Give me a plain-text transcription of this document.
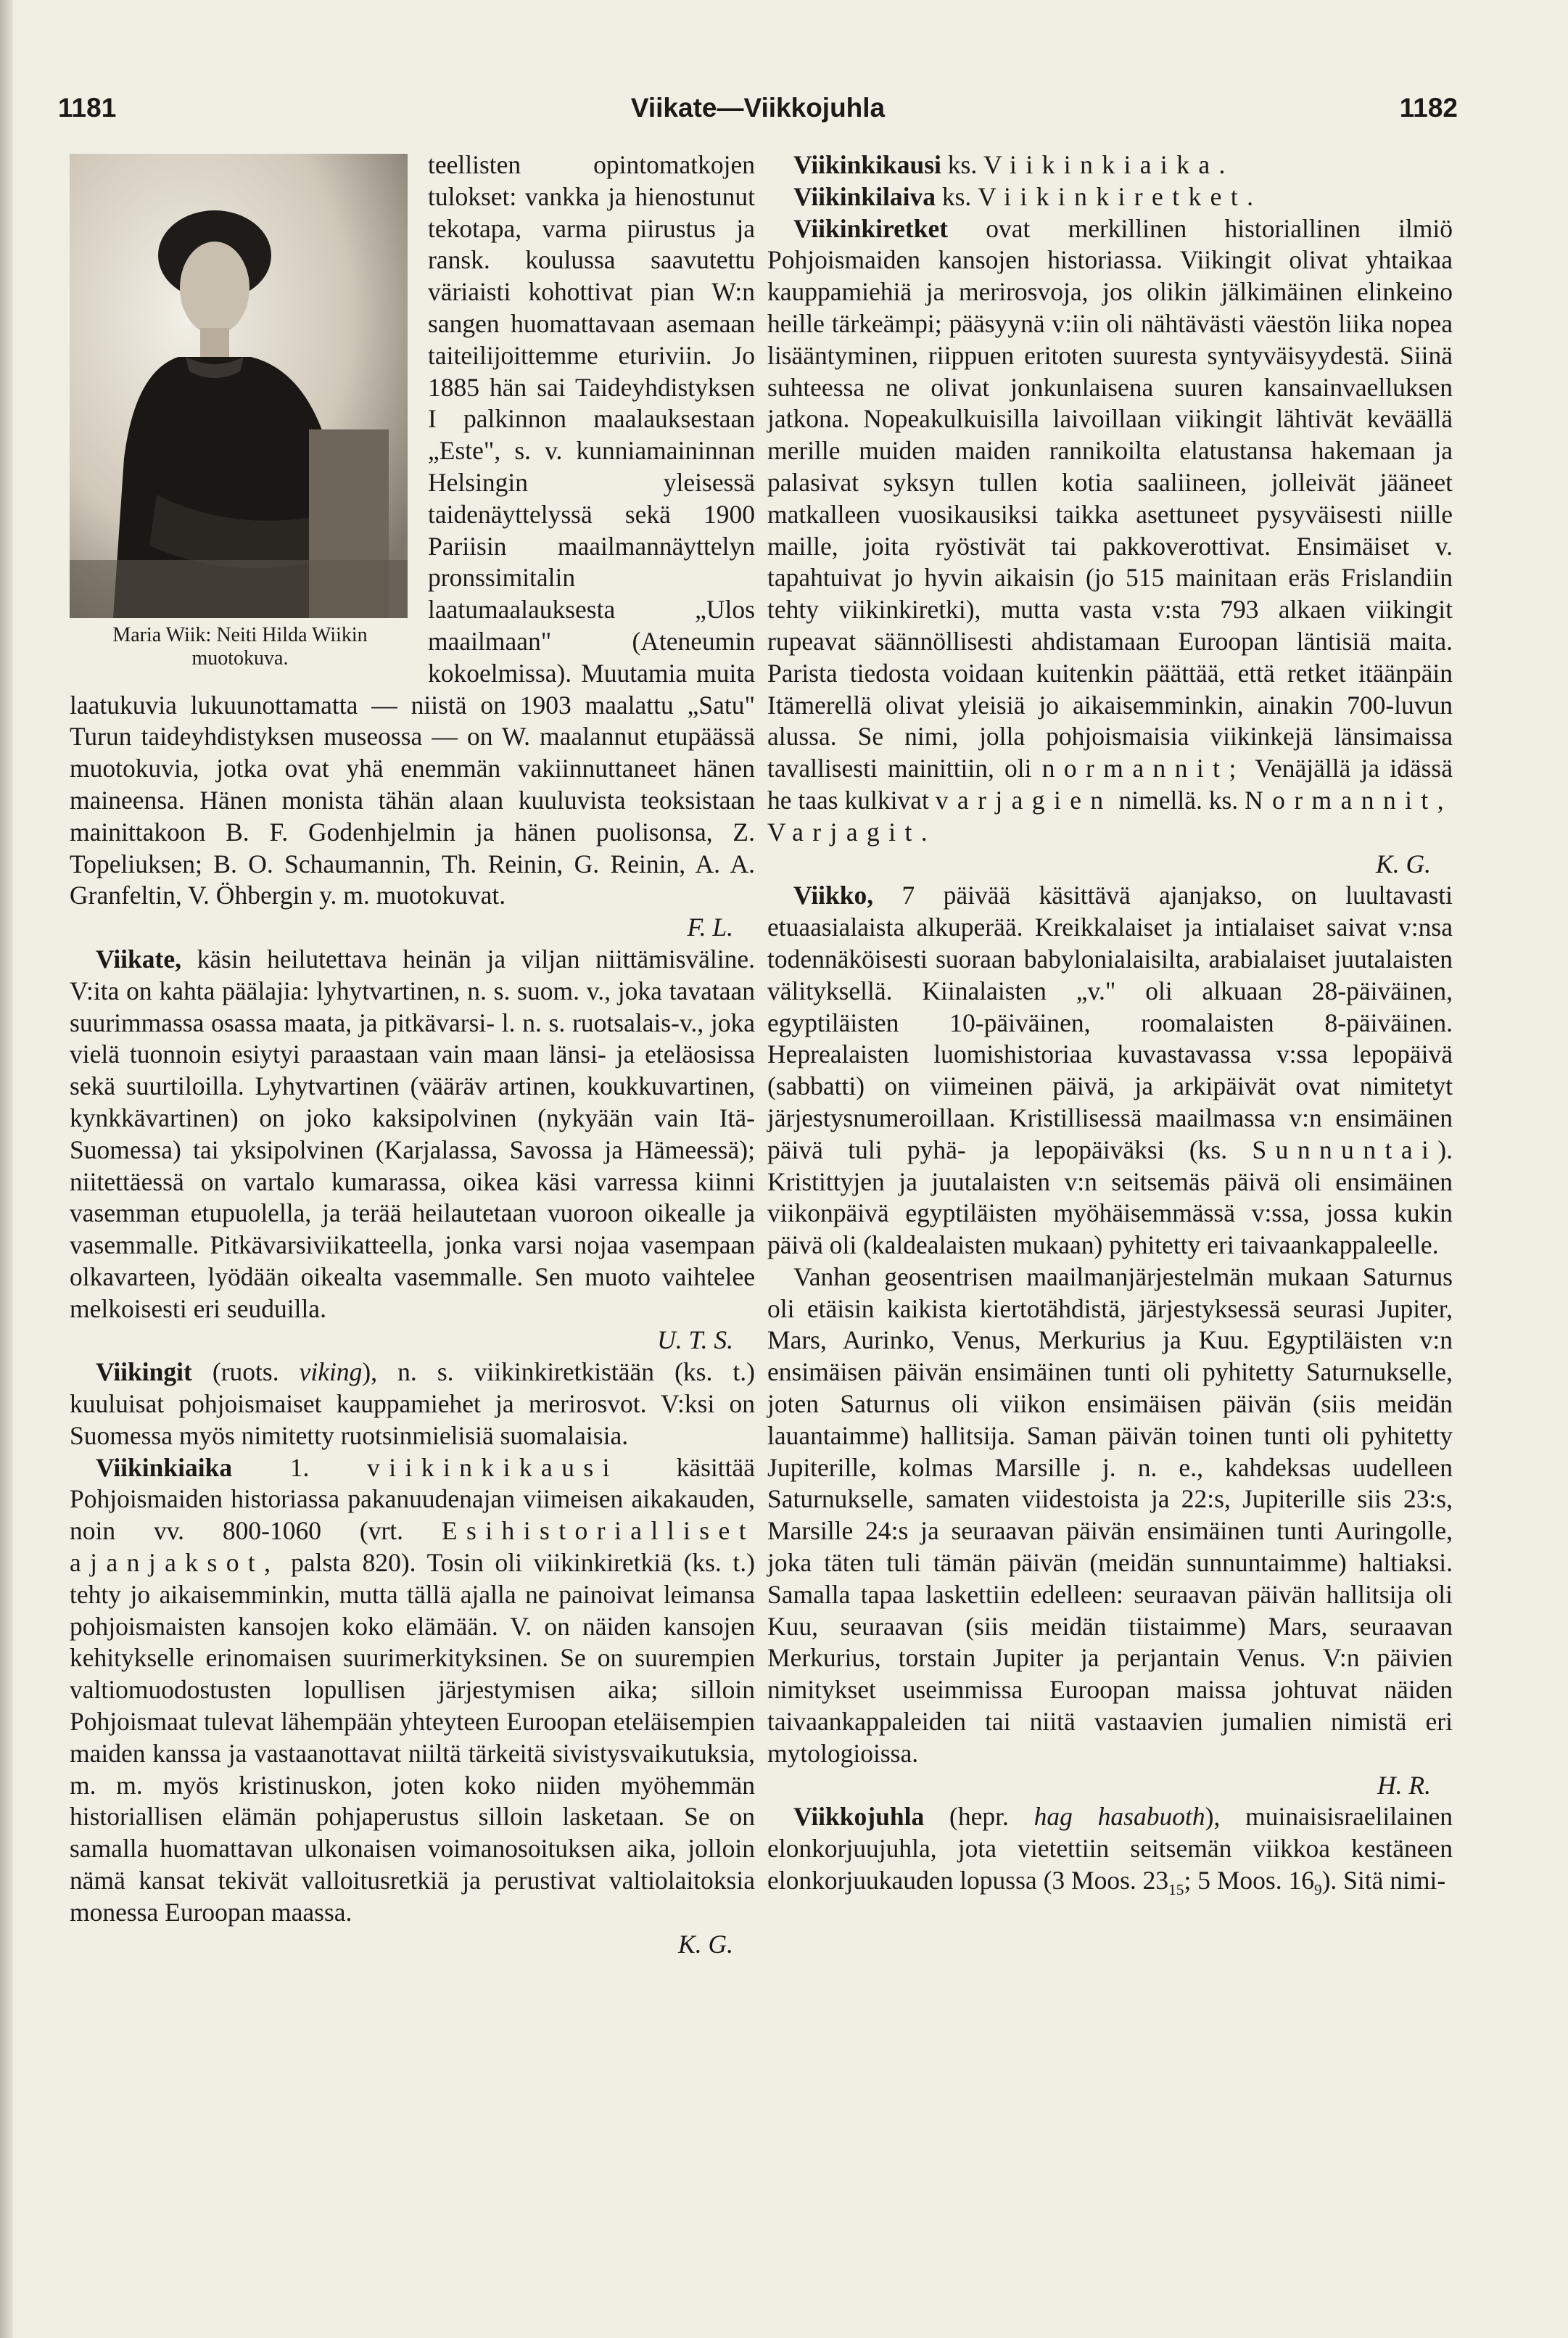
1181	Viikate—Viikkojuhla	1182
Maria Wiik: Neiti Hilda Wiikin muotokuva.

teellisten opintomatkojen tulokset: vankka ja hienostunut tekotapa, varma piirustus ja ransk. koulussa saavutettu väriaisti kohottivat pian W:n sangen huomattavaan asemaan taiteilijoittemme eturiviin. Jo 1885 hän sai Taideyhdistyksen I palkinnon maalauksestaan „Este", s. v. kunniamaininnan Helsingin yleisessä taidenäyttelyssä sekä 1900 Pariisin maailmannäyttelyn pronssimitalin laatumaalauksesta „Ulos maailmaan" (Ateneumin kokoelmissa). Muutamia muita laatukuvia lukuunottamatta — niistä on 1903 maalattu „Satu" Turun taideyhdistyksen museossa — on W. maalannut etupäässä muotokuvia, jotka ovat yhä enemmän vakiinnuttaneet hänen maineensa. Hänen monista tähän alaan kuuluvista teoksistaan mainittakoon B. F. Godenhjelmin ja hänen puolisonsa, Z. Topeliuksen; B. O. Schaumannin, Th. Reinin, G. Reinin, A. A. Granfeltin, V. Öhbergin y. m. muotokuvat.

F. L.

Viikate, käsin heilutettava heinän ja viljan niittämisväline. V:ita on kahta päälajia: lyhytvartinen, n. s. suom. v., joka tavataan suurimmassa osassa maata, ja pitkävarsi- l. n. s. ruotsalais-v., joka vielä tuonnoin esiytyi paraastaan vain maan länsi- ja eteläosissa sekä suurtiloilla. Lyhytvartinen (vääräv artinen, koukkuvartinen, kynkkävartinen) on joko kaksipolvinen (nykyään vain Itä-Suomessa) tai yksipolvinen (Karjalassa, Savossa ja Hämeessä); niitettäessä on vartalo kumarassa, oikea käsi varressa kiinni vasemman etupuolella, ja terää heilautetaan vuoroon oikealle ja vasemmalle. Pitkävarsiviikatteella, jonka varsi nojaa vasempaan olkavarteen, lyödään oikealta vasemmalle. Sen muoto vaihtelee melkoisesti eri seuduilla.

U. T. S.

Viikingit (ruots. viking), n. s. viikinkiretkistään (ks. t.) kuuluisat pohjoismaiset kauppamiehet ja merirosvot. V:ksi on Suomessa myös nimitetty ruotsinmielisiä suomalaisia.

Viikinkiaika 1. viikinkikausi käsittää Pohjoismaiden historiassa pakanuudenajan viimeisen aikakauden, noin vv. 800-1060 (vrt. Esihistorialliset ajanjaksot, palsta 820). Tosin oli viikinkiretkiä (ks. t.) tehty jo aikaisemminkin, mutta tällä ajalla ne painoivat leimansa pohjoismaisten kansojen koko elämään. V. on näiden kansojen kehitykselle erinomaisen suurimerkityksinen. Se on suurempien valtiomuodostusten lopullisen järjestymisen aika; silloin Pohjoismaat tulevat lähempään yhteyteen Euroopan eteläisempien maiden kanssa ja vastaanottavat niiltä tärkeitä sivistysvaikutuksia, m. m. myös kristinuskon, joten koko niiden myöhemmän historiallisen elämän pohjaperustus silloin lasketaan. Se on samalla huomattavan ulkonaisen voimanosoituksen aika, jolloin nämä kansat tekivät valloitusretkiä ja perustivat valtiolaitoksia monessa Euroopan maassa.

K. G.

Viikinkikausi ks. Viikinkiaika.

Viikinkilaiva ks. Viikinkiretket.

Viikinkiretket ovat merkillinen historiallinen ilmiö Pohjoismaiden kansojen historiassa. Viikingit olivat yhtaikaa kauppamiehiä ja merirosvoja, jos olikin jälkimäinen elinkeino heille tärkeämpi; pääsyynä v:iin oli nähtävästi väestön liika nopea lisääntyminen, riippuen eritoten suuresta syntyväisyydestä. Siinä suhteessa ne olivat jonkunlaisena suuren kansainvaelluksen jatkona. Nopeakulkuisilla laivoillaan viikingit lähtivät keväällä merille muiden maiden rannikoilta elatustansa hakemaan ja palasivat syksyn tullen kotia saaliineen, jolleivät jääneet matkalleen vuosikausiksi taikka asettuneet pysyväisesti niille maille, joita ryöstivät tai pakkoverottivat. Ensimäiset v. tapahtuivat jo hyvin aikaisin (jo 515 mainitaan eräs Frislandiin tehty viikinkiretki), mutta vasta v:sta 793 alkaen viikingit rupeavat säännöllisesti ahdistamaan Euroopan läntisiä maita. Parista tiedosta voidaan kuitenkin päättää, että retket itäänpäin Itämerellä olivat yleisiä jo aikaisemminkin, ainakin 700-luvun alussa. Se nimi, jolla pohjoismaisia viikinkejä länsimaissa tavallisesti mainittiin, oli normannit; Venäjällä ja idässä he taas kulkivat varjagien nimellä. ks. Normannit, Varjagit.

K. G.

Viikko, 7 päivää käsittävä ajanjakso, on luultavasti etuaasialaista alkuperää. Kreikkalaiset ja intialaiset saivat v:nsa todennäköisesti suoraan babylonialaisilta, arabialaiset juutalaisten välityksellä. Kiinalaisten „v." oli alkuaan 28-päiväinen, egyptiläisten 10-päiväinen, roomalaisten 8-päiväinen. Heprealaisten luomishistoriaa kuvastavassa v:ssa lepopäivä (sabbatti) on viimeinen päivä, ja arkipäivät ovat nimitetyt järjestysnumeroillaan. Kristillisessä maailmassa v:n ensimäinen päivä tuli pyhä- ja lepopäiväksi (ks. Sunnuntai). Kristittyjen ja juutalaisten v:n seitsemäs päivä oli ensimäinen viikonpäivä egyptiläisten myöhäisemmässä v:ssa, jossa kukin päivä oli (kaldealaisten mukaan) pyhitetty eri taivaankappaleelle.

Vanhan geosentrisen maailmanjärjestelmän mukaan Saturnus oli etäisin kaikista kiertotähdistä, järjestyksessä seurasi Jupiter, Mars, Aurinko, Venus, Merkurius ja Kuu. Egyptiläisten v:n ensimäisen päivän ensimäinen tunti oli pyhitetty Saturnukselle, joten Saturnus oli viikon ensimäisen päivän (siis meidän lauantaimme) hallitsija. Saman päivän toinen tunti oli pyhitetty Jupiterille, kolmas Marsille j. n. e., kahdeksas uudelleen Saturnukselle, samaten viidestoista ja 22:s, Jupiterille siis 23:s, Marsille 24:s ja seuraavan päivän ensimäinen tunti Auringolle, joka täten tuli tämän päivän (meidän sunnuntaimme) haltiaksi. Samalla tapaa laskettiin edelleen: seuraavan päivän hallitsija oli Kuu, seuraavan (siis meidän tiistaimme) Mars, seuraavan Merkurius, torstain Jupiter ja perjantain Venus. V:n päivien nimitykset useimmissa Euroopan maissa johtuvat näiden taivaankappaleiden tai niitä vastaavien jumalien nimistä eri mytologioissa.

H. R.

Viikkojuhla (hepr. hag hasabuoth), muinaisisraelilainen elonkorjuujuhla, jota vietettiin seitsemän viikkoa kestäneen elonkorjuukauden lopussa (3 Moos. $23_{15}$; 5 Moos. $16_9$). Sitä nimi-
